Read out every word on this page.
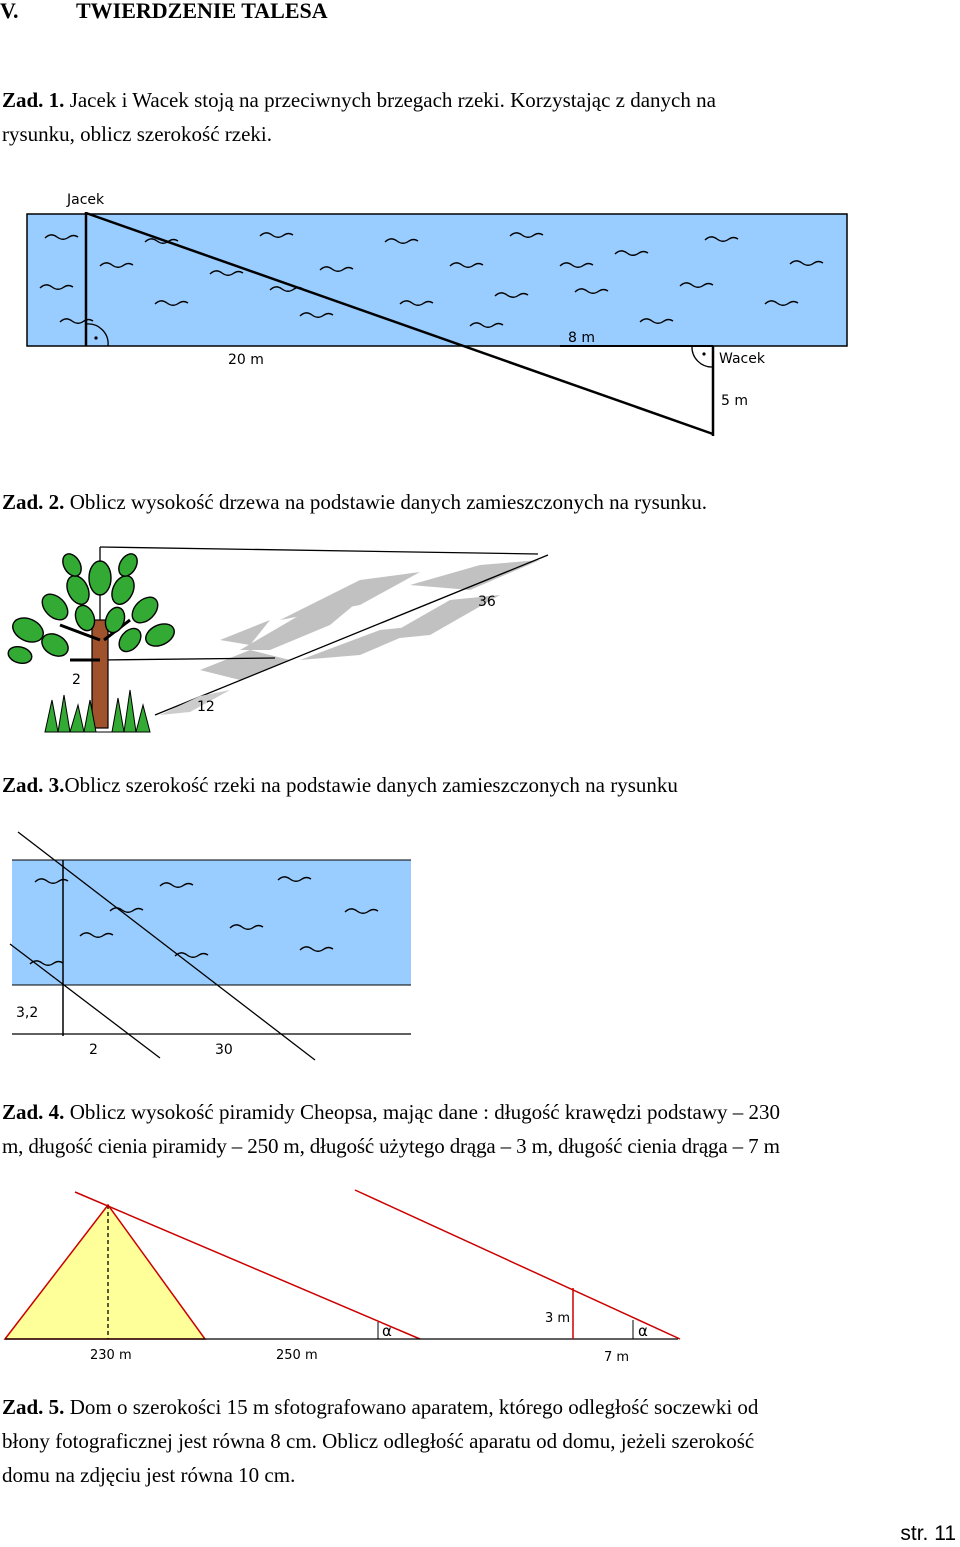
V.	TWIERDZENIE TALESA
Zad. 1. Jacek i Wacek stoją na przeciwnych brzegach rzeki. Korzystając z danych na
rysunku, oblicz szerokość rzeki.
Zad. 2. Oblicz wysokość drzewa na podstawie danych zamieszczonych na rysunku.
Zad. 3.Oblicz szerokość rzeki na podstawie danych zamieszczonych na rysunku
Zad. 4. Oblicz wysokość piramidy Cheopsa, mając dane : długość krawędzi podstawy – 230
m, długość cienia piramidy – 250 m, długość użytego drąga – 3 m, długość cienia drąga – 7 m
Zad. 5. Dom o szerokości 15 m sfotografowano aparatem, którego odległość soczewki od
błony fotograficznej jest równa 8 cm. Oblicz odległość aparatu od domu, jeżeli szerokość
domu na zdjęciu jest równa 10 cm.
str. 11
Jacek
Wacek
20 m
8 m
5 m
36
2
12
3,2
2	30
α	α
230 m	250 m
3 m
7 m
